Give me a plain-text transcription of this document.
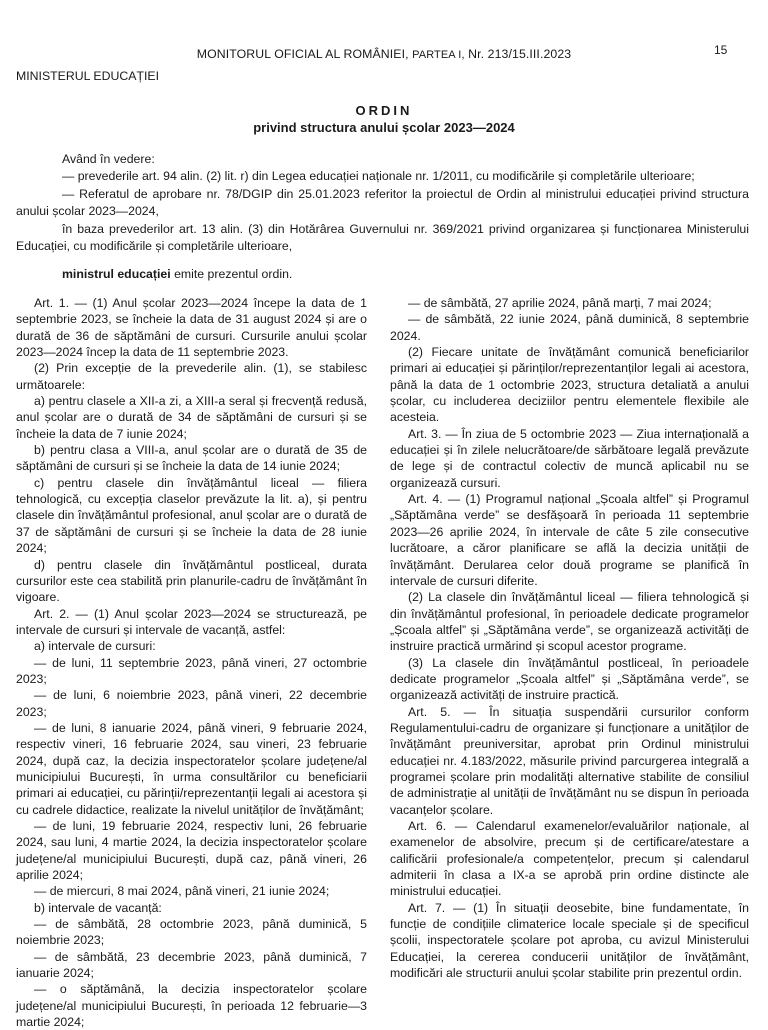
MONITORUL OFICIAL AL ROMÂNIEI, PARTEA I, Nr. 213/15.III.2023	15
MINISTERUL EDUCAȚIEI
ORDIN
privind structura anului școlar 2023—2024

Având în vedere:

— prevederile art. 94 alin. (2) lit. r) din Legea educației naționale nr. 1/2011, cu modificările și completările ulterioare;

— Referatul de aprobare nr. 78/DGIP din 25.01.2023 referitor la proiectul de Ordin al ministrului educației privind structura anului școlar 2023—2024,

în baza prevederilor art. 13 alin. (3) din Hotărârea Guvernului nr. 369/2021 privind organizarea și funcționarea Ministerului Educației, cu modificările și completările ulterioare,

ministrul educației emite prezentul ordin.

Art. 1. — (1) Anul școlar 2023—2024 începe la data de 1 septembrie 2023, se încheie la data de 31 august 2024 și are o durată de 36 de săptămâni de cursuri. Cursurile anului școlar 2023—2024 încep la data de 11 septembrie 2023.

(2) Prin excepție de la prevederile alin. (1), se stabilesc următoarele:

a) pentru clasele a XII-a zi, a XIII-a seral și frecvență redusă, anul școlar are o durată de 34 de săptămâni de cursuri și se încheie la data de 7 iunie 2024;

b) pentru clasa a VIII-a, anul școlar are o durată de 35 de săptămâni de cursuri și se încheie la data de 14 iunie 2024;

c) pentru clasele din învățământul liceal — filiera tehnologică, cu excepția claselor prevăzute la lit. a), și pentru clasele din învățământul profesional, anul școlar are o durată de 37 de săptămâni de cursuri și se încheie la data de 28 iunie 2024;

d) pentru clasele din învățământul postliceal, durata cursurilor este cea stabilită prin planurile-cadru de învățământ în vigoare.

Art. 2. — (1) Anul școlar 2023—2024 se structurează, pe intervale de cursuri și intervale de vacanță, astfel:

a) intervale de cursuri:

— de luni, 11 septembrie 2023, până vineri, 27 octombrie 2023;

— de luni, 6 noiembrie 2023, până vineri, 22 decembrie 2023;

— de luni, 8 ianuarie 2024, până vineri, 9 februarie 2024, respectiv vineri, 16 februarie 2024, sau vineri, 23 februarie 2024, după caz, la decizia inspectoratelor școlare județene/al municipiului București, în urma consultărilor cu beneficiarii primari ai educației, cu părinții/reprezentanții legali ai acestora și cu cadrele didactice, realizate la nivelul unităților de învățământ;

— de luni, 19 februarie 2024, respectiv luni, 26 februarie 2024, sau luni, 4 martie 2024, la decizia inspectoratelor școlare județene/al municipiului București, după caz, până vineri, 26 aprilie 2024;

— de miercuri, 8 mai 2024, până vineri, 21 iunie 2024;

b) intervale de vacanță:

— de sâmbătă, 28 octombrie 2023, până duminică, 5 noiembrie 2023;

— de sâmbătă, 23 decembrie 2023, până duminică, 7 ianuarie 2024;

— o săptămână, la decizia inspectoratelor școlare județene/al municipiului București, în perioada 12 februarie—3 martie 2024;

— de sâmbătă, 27 aprilie 2024, până marți, 7 mai 2024;

— de sâmbătă, 22 iunie 2024, până duminică, 8 septembrie 2024.

(2) Fiecare unitate de învățământ comunică beneficiarilor primari ai educației și părinților/reprezentanților legali ai acestora, până la data de 1 octombrie 2023, structura detaliată a anului școlar, cu includerea deciziilor pentru elementele flexibile ale acesteia.

Art. 3. — În ziua de 5 octombrie 2023 — Ziua internațională a educației și în zilele nelucrătoare/de sărbătoare legală prevăzute de lege și de contractul colectiv de muncă aplicabil nu se organizează cursuri.

Art. 4. — (1) Programul național „Școala altfel” și Programul „Săptămâna verde” se desfășoară în perioada 11 septembrie 2023—26 aprilie 2024, în intervale de câte 5 zile consecutive lucrătoare, a căror planificare se află la decizia unității de învățământ. Derularea celor două programe se planifică în intervale de cursuri diferite.

(2) La clasele din învățământul liceal — filiera tehnologică și din învățământul profesional, în perioadele dedicate programelor „Școala altfel” și „Săptămâna verde”, se organizează activități de instruire practică urmărind și scopul acestor programe.

(3) La clasele din învățământul postliceal, în perioadele dedicate programelor „Școala altfel” și „Săptămâna verde”, se organizează activități de instruire practică.

Art. 5. — În situația suspendării cursurilor conform Regulamentului-cadru de organizare și funcționare a unităților de învățământ preuniversitar, aprobat prin Ordinul ministrului educației nr. 4.183/2022, măsurile privind parcurgerea integrală a programei școlare prin modalități alternative stabilite de consiliul de administrație al unității de învățământ nu se dispun în perioada vacanțelor școlare.

Art. 6. — Calendarul examenelor/evaluărilor naționale, al examenelor de absolvire, precum și de certificare/atestare a calificării profesionale/a competențelor, precum și calendarul admiterii în clasa a IX-a se aprobă prin ordine distincte ale ministrului educației.

Art. 7. — (1) În situații deosebite, bine fundamentate, în funcție de condițiile climaterice locale speciale și de specificul școlii, inspectoratele școlare pot aproba, cu avizul Ministerului Educației, la cererea conducerii unităților de învățământ, modificări ale structurii anului școlar stabilite prin prezentul ordin.
